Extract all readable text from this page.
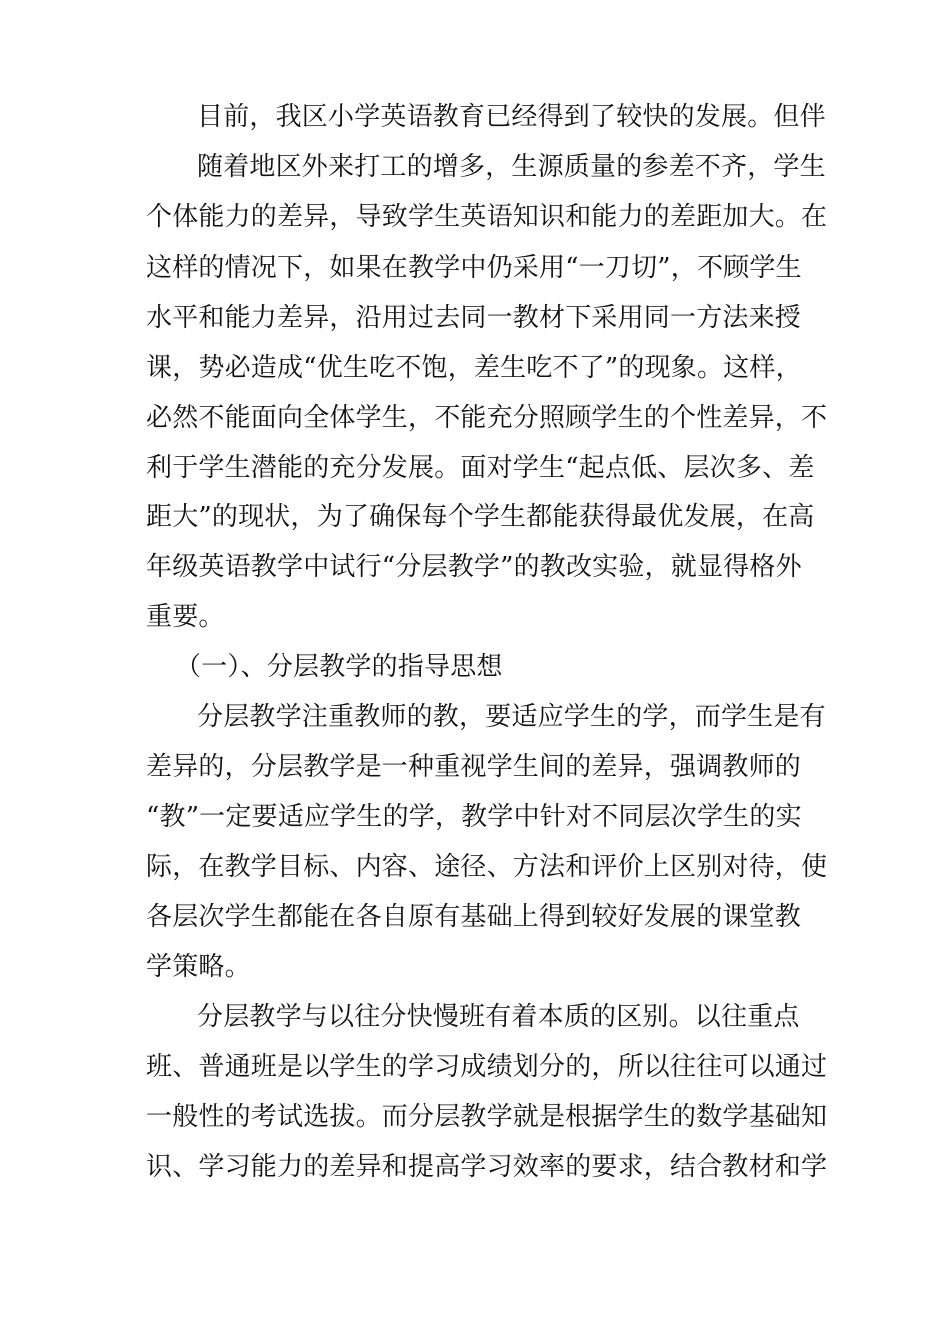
目前，我区小学英语教育已经得到了较快的发展。但伴
随着地区外来打工的增多，生源质量的参差不齐，学生
个体能力的差异，导致学生英语知识和能力的差距加大。在
这样的情况下，如果在教学中仍采用“一刀切”，不顾学生
水平和能力差异，沿用过去同一教材下采用同一方法来授
课，势必造成“优生吃不饱，差生吃不了”的现象。这样，
必然不能面向全体学生，不能充分照顾学生的个性差异，不
利于学生潜能的充分发展。面对学生“起点低、层次多、差
距大”的现状，为了确保每个学生都能获得最优发展，在高
年级英语教学中试行“分层教学”的教改实验，就显得格外
重要。
（一）、分层教学的指导思想
分层教学注重教师的教，要适应学生的学，而学生是有
差异的，分层教学是一种重视学生间的差异，强调教师的
“教”一定要适应学生的学，教学中针对不同层次学生的实
际，在教学目标、内容、途径、方法和评价上区别对待，使
各层次学生都能在各自原有基础上得到较好发展的课堂教
学策略。
分层教学与以往分快慢班有着本质的区别。以往重点
班、普通班是以学生的学习成绩划分的，所以往往可以通过
一般性的考试选拔。而分层教学就是根据学生的数学基础知
识、学习能力的差异和提高学习效率的要求，结合教材和学
